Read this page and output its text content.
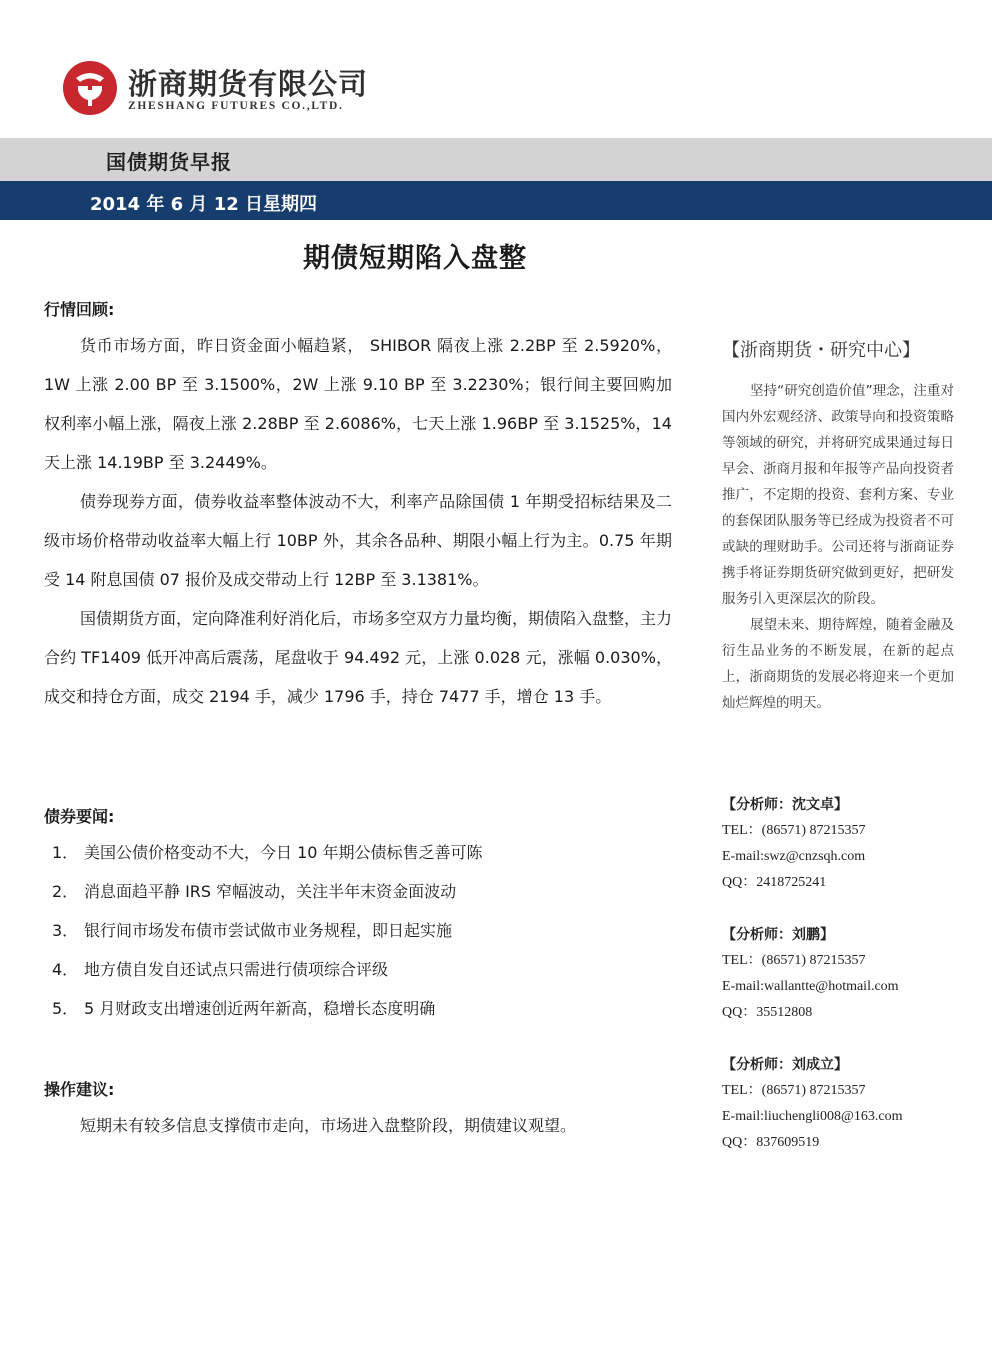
浙商期货有限公司
ZHESHANG FUTURES CO.,LTD.
国债期货早报
2014 年 6 月 12 日星期四
期债短期陷入盘整
行情回顾:

货币市场方面，昨日资金面小幅趋紧， SHIBOR 隔夜上涨 2.2BP 至 2.5920%，1W 上涨 2.00 BP 至 3.1500%，2W 上涨 9.10 BP 至 3.2230%；银行间主要回购加权利率小幅上涨，隔夜上涨 2.28BP 至 2.6086%，七天上涨 1.96BP 至 3.1525%，14 天上涨 14.19BP 至 3.2449%。

债券现券方面，债券收益率整体波动不大，利率产品除国债 1 年期受招标结果及二级市场价格带动收益率大幅上行 10BP 外，其余各品种、期限小幅上行为主。0.75 年期受 14 附息国债 07 报价及成交带动上行 12BP 至 3.1381%。

国债期货方面，定向降准利好消化后，市场多空双方力量均衡，期债陷入盘整，主力合约 TF1409 低开冲高后震荡，尾盘收于 94.492 元，上涨 0.028 元，涨幅 0.030%，成交和持仓方面，成交 2194 手，减少 1796 手，持仓 7477 手，增仓 13 手。

债券要闻:
1． 美国公债价格变动不大，今日 10 年期公债标售乏善可陈
2． 消息面趋平静 IRS 窄幅波动，关注半年末资金面波动
3． 银行间市场发布债市尝试做市业务规程，即日起实施
4． 地方债自发自还试点只需进行债项综合评级
5． 5 月财政支出增速创近两年新高，稳增长态度明确
操作建议:

短期未有较多信息支撑债市走向，市场进入盘整阶段，期债建议观望。

【浙商期货・研究中心】

坚持“研究创造价值”理念，注重对国内外宏观经济、政策导向和投资策略等领域的研究，并将研究成果通过每日早会、浙商月报和年报等产品向投资者推广，不定期的投资、套利方案、专业的套保团队服务等已经成为投资者不可或缺的理财助手。公司还将与浙商证券携手将证券期货研究做到更好，把研发服务引入更深层次的阶段。

展望未来、期待辉煌，随着金融及衍生品业务的不断发展，在新的起点上，浙商期货的发展必将迎来一个更加灿烂辉煌的明天。

【分析师：沈文卓】
TEL：(86571) 87215357
E-mail:swz@cnzsqh.com
QQ：2418725241
【分析师：刘鹏】
TEL：(86571) 87215357
E-mail:wallantte@hotmail.com
QQ：35512808
【分析师：刘成立】
TEL：(86571) 87215357
E-mail:liuchengli008@163.com
QQ：837609519
